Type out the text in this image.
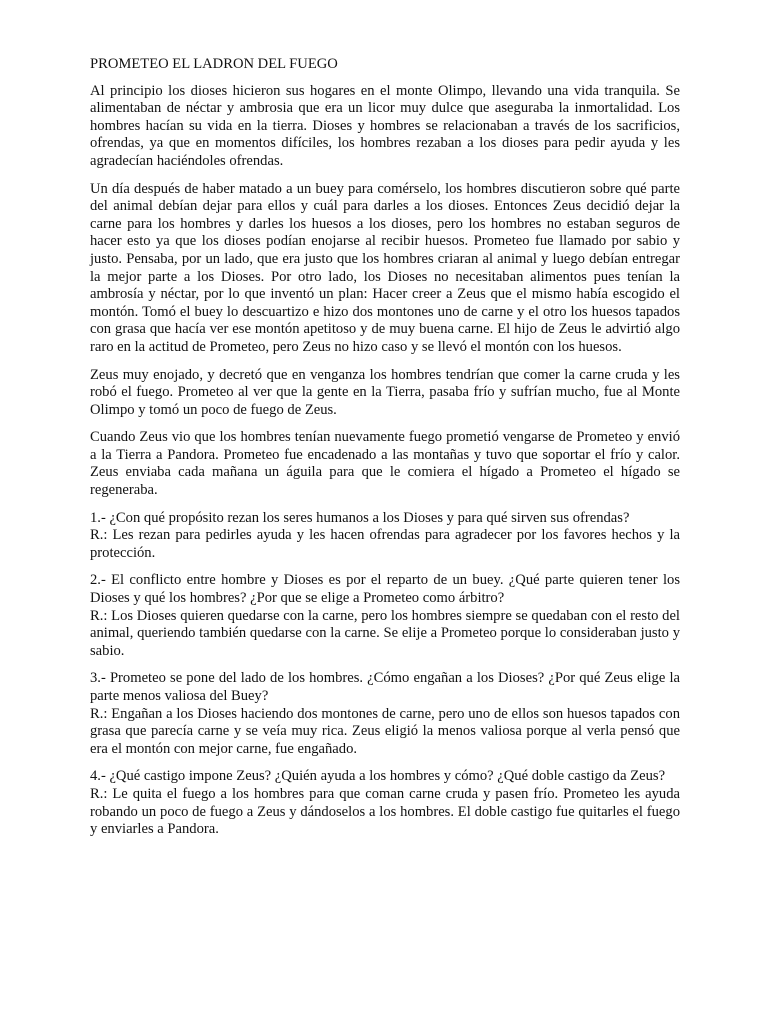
PROMETEO EL LADRON DEL FUEGO

Al principio los dioses hicieron sus hogares en el monte Olimpo, llevando una vida tranquila. Se alimentaban de néctar y ambrosia que era un licor muy dulce que aseguraba la inmortalidad. Los hombres hacían su vida en la tierra. Dioses y hombres se relacionaban a través de los sacrificios, ofrendas, ya que en momentos difíciles, los hombres rezaban a los dioses para pedir ayuda y les agradecían haciéndoles ofrendas.

Un día después de haber matado a un buey para comérselo, los hombres discutieron sobre qué parte del animal debían dejar para ellos y cuál para darles a los dioses. Entonces Zeus decidió dejar la carne para los hombres y darles los huesos a los dioses, pero los hombres no estaban seguros de hacer esto ya que los dioses podían enojarse al recibir huesos. Prometeo fue llamado por sabio y justo. Pensaba, por un lado, que era justo que los hombres criaran al animal y luego debían entregar la mejor parte a los Dioses. Por otro lado, los Dioses no necesitaban alimentos pues tenían la ambrosía y néctar, por lo que inventó un plan: Hacer creer a Zeus que el mismo había escogido el montón. Tomó el buey lo descuartizo e hizo dos montones uno de carne y el otro los huesos tapados con grasa que hacía ver ese montón apetitoso y de muy buena carne. El hijo de Zeus le advirtió algo raro en la actitud de Prometeo, pero Zeus no hizo caso y se llevó el montón con los huesos.

Zeus muy enojado, y decretó que en venganza los hombres tendrían que comer la carne cruda y les robó el fuego. Prometeo al ver que la gente en la Tierra, pasaba frío y sufrían mucho, fue al Monte Olimpo y tomó un poco de fuego de Zeus.

Cuando Zeus vio que los hombres tenían nuevamente fuego prometió vengarse de Prometeo y envió a la Tierra a Pandora. Prometeo fue encadenado a las montañas y tuvo que soportar el frío y calor. Zeus enviaba cada mañana un águila para que le comiera el hígado a Prometeo el hígado se regeneraba.

1.- ¿Con qué propósito rezan los seres humanos a los Dioses y para qué sirven sus ofrendas?
R.: Les rezan para pedirles ayuda y les hacen ofrendas para agradecer por los favores hechos y la protección.
2.- El conflicto entre hombre y Dioses es por el reparto de un buey. ¿Qué parte quieren tener los Dioses y qué los hombres? ¿Por que se elige a Prometeo como árbitro?
R.: Los Dioses quieren quedarse con la carne, pero los hombres siempre se quedaban con el resto del animal, queriendo también quedarse con la carne. Se elije a Prometeo porque lo consideraban justo y sabio.
3.- Prometeo se pone del lado de los hombres. ¿Cómo engañan a los Dioses? ¿Por qué Zeus elige la parte menos valiosa del Buey?
R.: Engañan a los Dioses haciendo dos montones de carne, pero uno de ellos son huesos tapados con grasa que parecía carne y se veía muy rica. Zeus eligió la menos valiosa porque al verla pensó que era el montón con mejor carne, fue engañado.
4.- ¿Qué castigo impone Zeus? ¿Quién ayuda a los hombres y cómo? ¿Qué doble castigo da Zeus?
R.: Le quita el fuego a los hombres para que coman carne cruda y pasen frío. Prometeo les ayuda robando un poco de fuego a Zeus y dándoselos a los hombres. El doble castigo fue quitarles el fuego y enviarles a Pandora.
